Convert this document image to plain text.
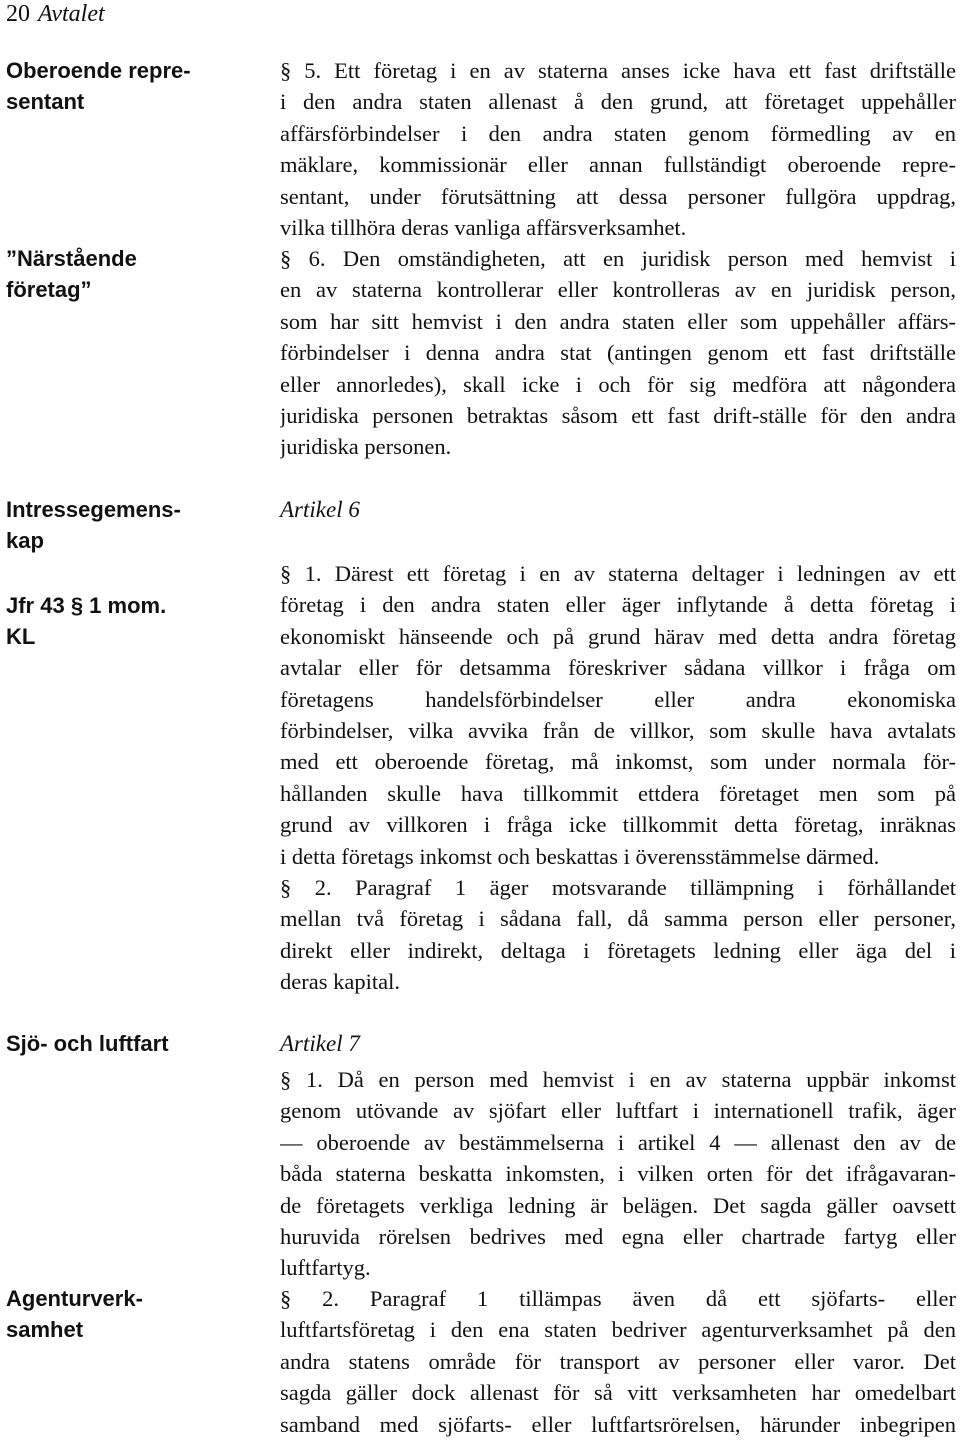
20 Avtalet
Oberoende repre-
sentant
”Närstående
företag”
Intressegemens-
kap
Jfr 43 § 1 mom.
KL
Sjö- och luftfart
Agenturverk-
samhet
§ 5. Ett företag i en av staterna anses icke hava ett fast driftställe
i den andra staten allenast å den grund, att företaget uppehåller
affärsförbindelser i den andra staten genom förmedling av en
mäklare, kommissionär eller annan fullständigt oberoende repre-
sentant, under förutsättning att dessa personer fullgöra uppdrag,
vilka tillhöra deras vanliga affärsverksamhet.
§ 6. Den omständigheten, att en juridisk person med hemvist i
en av staterna kontrollerar eller kontrolleras av en juridisk person,
som har sitt hemvist i den andra staten eller som uppehåller affärs-
förbindelser i denna andra stat (antingen genom ett fast driftställe
eller annorledes), skall icke i och för sig medföra att någondera
juridiska personen betraktas såsom ett fast drift-ställe för den andra
juridiska personen.
Artikel 6
§ 1. Därest ett företag i en av staterna deltager i ledningen av ett
företag i den andra staten eller äger inflytande å detta företag i
ekonomiskt hänseende och på grund härav med detta andra företag
avtalar eller för detsamma föreskriver sådana villkor i fråga om
företagens handelsförbindelser eller andra ekonomiska
förbindelser, vilka avvika från de villkor, som skulle hava avtalats
med ett oberoende företag, må inkomst, som under normala för-
hållanden skulle hava tillkommit ettdera företaget men som på
grund av villkoren i fråga icke tillkommit detta företag, inräknas
i detta företags inkomst och beskattas i överensstämmelse därmed.
§ 2. Paragraf 1 äger motsvarande tillämpning i förhållandet
mellan två företag i sådana fall, då samma person eller personer,
direkt eller indirekt, deltaga i företagets ledning eller äga del i
deras kapital.
Artikel 7
§ 1. Då en person med hemvist i en av staterna uppbär inkomst
genom utövande av sjöfart eller luftfart i internationell trafik, äger
— oberoende av bestämmelserna i artikel 4 — allenast den av de
båda staterna beskatta inkomsten, i vilken orten för det ifrågavaran-
de företagets verkliga ledning är belägen. Det sagda gäller oavsett
huruvida rörelsen bedrives med egna eller chartrade fartyg eller
luftfartyg.
§ 2. Paragraf 1 tillämpas även då ett sjöfarts- eller
luftfartsföretag i den ena staten bedriver agenturverksamhet på den
andra statens område för transport av personer eller varor. Det
sagda gäller dock allenast för så vitt verksamheten har omedelbart
samband med sjöfarts- eller luftfartsrörelsen, härunder inbegripen
